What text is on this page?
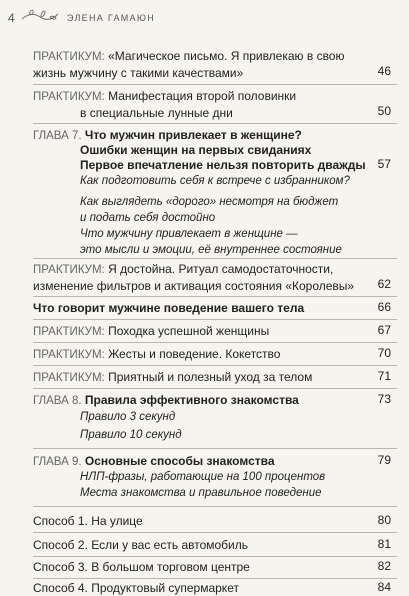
4	ЭЛЕНА ГАМАЮН
ПРАКТИКУМ: «Магическое письмо. Я привлекаю в свою
жизнь мужчину с такими качествами»	46
ПРАКТИКУМ: Манифестация второй половинки
в специальные лунные дни	50
ГЛАВА 7. Что мужчин привлекает в женщине?
Ошибки женщин на первых свиданиях
Первое впечатление нельзя повторить дважды 57
Как подготовить себя к встрече с избранником?
Как выглядеть «дорого» несмотря на бюджет
и подать себя достойно
Что мужчину привлекает в женщине —
это мысли и эмоции, её внутреннее состояние
ПРАКТИКУМ: Я достойна. Ритуал самодостаточности,
изменение фильтров и активация состояния «Королевы»	62
Что говорит мужчине поведение вашего тела	66
ПРАКТИКУМ: Походка успешной женщины	67
ПРАКТИКУМ: Жесты и поведение. Кокетство	70
ПРАКТИКУМ: Приятный и полезный уход за телом	71
ГЛАВА 8. Правила эффективного знакомства	73
Правило 3 секунд
Правило 10 секунд
ГЛАВА 9. Основные способы знакомства	79
НЛП-фразы, работающие на 100 процентов
Места знакомства и правильное поведение
Способ 1. На улице	80
Способ 2. Если у вас есть автомобиль	81
Способ 3. В большом торговом центре	82
Способ 4. Продуктовый супермаркет	84
